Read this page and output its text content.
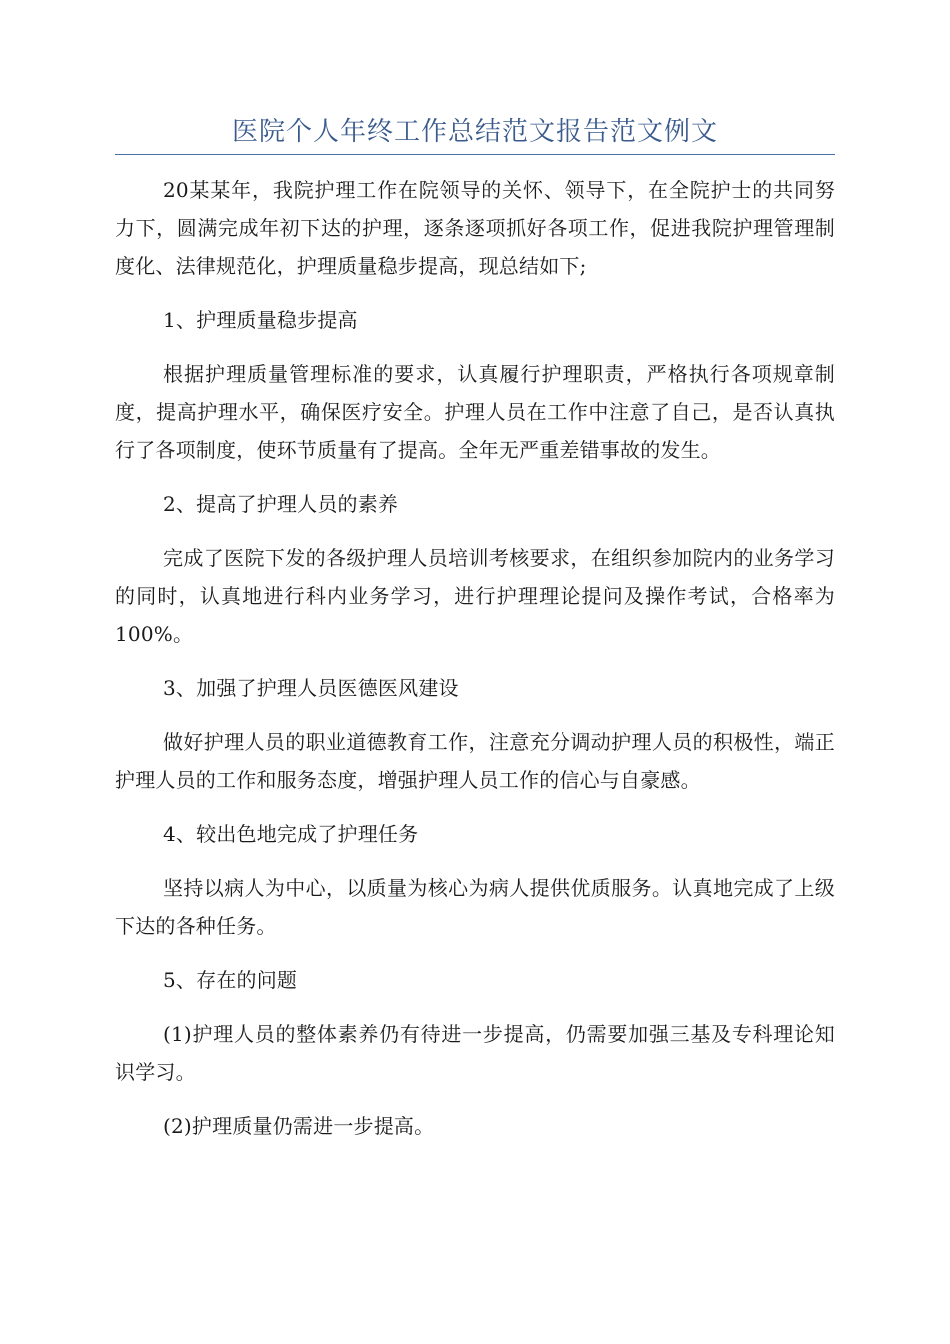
医院个人年终工作总结范文报告范文例文

20某某年，我院护理工作在院领导的关怀、领导下，在全院护士的共同努力下，圆满完成年初下达的护理，逐条逐项抓好各项工作，促进我院护理管理制度化、法律规范化，护理质量稳步提高，现总结如下;

1、护理质量稳步提高

根据护理质量管理标准的要求，认真履行护理职责，严格执行各项规章制度，提高护理水平，确保医疗安全。护理人员在工作中注意了自己，是否认真执行了各项制度，使环节质量有了提高。全年无严重差错事故的发生。

2、提高了护理人员的素养

完成了医院下发的各级护理人员培训考核要求，在组织参加院内的业务学习的同时，认真地进行科内业务学习，进行护理理论提问及操作考试，合格率为100%。

3、加强了护理人员医德医风建设

做好护理人员的职业道德教育工作，注意充分调动护理人员的积极性，端正护理人员的工作和服务态度，增强护理人员工作的信心与自豪感。

4、较出色地完成了护理任务

坚持以病人为中心，以质量为核心为病人提供优质服务。认真地完成了上级下达的各种任务。

5、存在的问题

(1)护理人员的整体素养仍有待进一步提高，仍需要加强三基及专科理论知识学习。

(2)护理质量仍需进一步提高。
